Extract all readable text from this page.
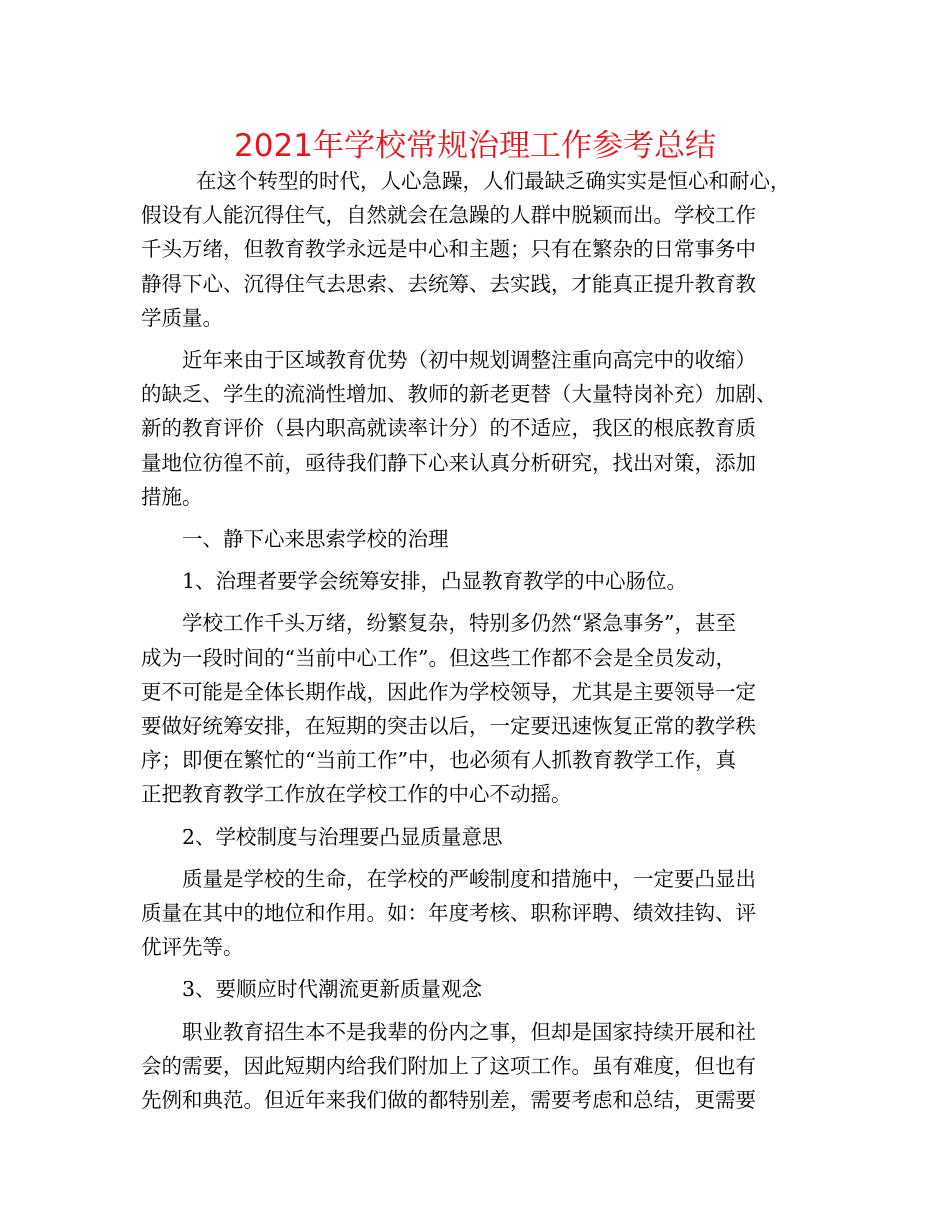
2021年学校常规治理工作参考总结
在这个转型的时代，人心急躁，人们最缺乏确实实是恒心和耐心，
假设有人能沉得住气，自然就会在急躁的人群中脱颖而出。学校工作
千头万绪，但教育教学永远是中心和主题；只有在繁杂的日常事务中
静得下心、沉得住气去思索、去统筹、去实践，才能真正提升教育教
学质量。
近年来由于区域教育优势（初中规划调整注重向高完中的收缩）
的缺乏、学生的流淌性增加、教师的新老更替（大量特岗补充）加剧、
新的教育评价（县内职高就读率计分）的不适应，我区的根底教育质
量地位彷徨不前，亟待我们静下心来认真分析研究，找出对策，添加
措施。
一、静下心来思索学校的治理
1、治理者要学会统筹安排，凸显教育教学的中心肠位。
学校工作千头万绪，纷繁复杂，特别多仍然“紧急事务”，甚至
成为一段时间的“当前中心工作”。但这些工作都不会是全员发动，
更不可能是全体长期作战，因此作为学校领导，尤其是主要领导一定
要做好统筹安排，在短期的突击以后，一定要迅速恢复正常的教学秩
序；即便在繁忙的“当前工作”中，也必须有人抓教育教学工作，真
正把教育教学工作放在学校工作的中心不动摇。
2、学校制度与治理要凸显质量意思
质量是学校的生命，在学校的严峻制度和措施中，一定要凸显出
质量在其中的地位和作用。如：年度考核、职称评聘、绩效挂钩、评
优评先等。
3、要顺应时代潮流更新质量观念
职业教育招生本不是我辈的份内之事，但却是国家持续开展和社
会的需要，因此短期内给我们附加上了这项工作。虽有难度，但也有
先例和典范。但近年来我们做的都特别差，需要考虑和总结，更需要
